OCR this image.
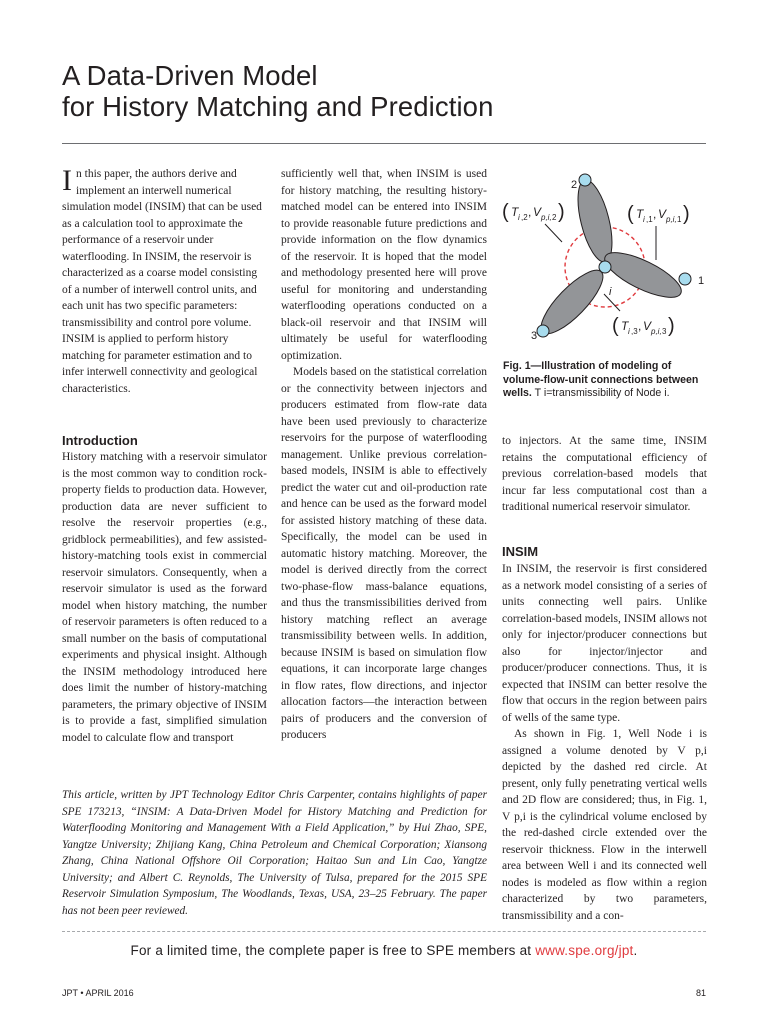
A Data-Driven Model
for History Matching and Prediction

In this paper, the authors derive and implement an interwell numerical simulation model (INSIM) that can be used as a calculation tool to approximate the performance of a reservoir under waterflooding. In INSIM, the reservoir is characterized as a coarse model consisting of a number of interwell control units, and each unit has two specific parameters: transmissibility and control pore volume. INSIM is applied to perform history matching for parameter estimation and to infer interwell connectivity and geological characteristics.

Introduction

History matching with a reservoir simulator is the most common way to condition rock-property fields to production data. However, production data are never sufficient to resolve the reservoir properties (e.g., gridblock permeabilities), and few assisted-history-matching tools exist in commercial reservoir simulators. Consequently, when a reservoir simulator is used as the forward model when history matching, the number of reservoir parameters is often reduced to a small number on the basis of computational experiments and physical insight. Although the INSIM methodology introduced here does limit the number of history-matching parameters, the primary objective of INSIM is to provide a fast, simplified simulation model to calculate flow and transport

sufficiently well that, when INSIM is used for history matching, the resulting history-matched model can be entered into INSIM to provide reasonable future predictions and provide information on the flow dynamics of the reservoir. It is hoped that the model and methodology presented here will prove useful for monitoring and understanding waterflooding operations conducted on a black-oil reservoir and that INSIM will ultimately be useful for waterflooding optimization.

Models based on the statistical correlation or the connectivity between injectors and producers estimated from flow-rate data have been used previously to characterize reservoirs for the purpose of waterflooding management. Unlike previous correlation-based models, INSIM is able to effectively predict the water cut and oil-production rate and hence can be used as the forward model for assisted history matching of these data. Specifically, the model can be used in automatic history matching. Moreover, the model is derived directly from the correct two-phase-flow mass-balance equations, and thus the transmissibilities derived from history matching reflect an average transmissibility between wells. In addition, because INSIM is based on simulation flow equations, it can incorporate large changes in flow rates, flow directions, and injector allocation factors—the interaction between pairs of producers and the conversion of producers

2
1
3
i
( T i ,2 , V p,i, 2 )	( T i ,1 , V p,i, 1 )
( T i ,3 , V p,i, 3 )
Fig. 1—Illustration of modeling of volume-flow-unit connections between wells. T i=transmissibility of Node i.

to injectors. At the same time, INSIM retains the computational efficiency of previous correlation-based models that incur far less computational cost than a traditional numerical reservoir simulator.

INSIM

In INSIM, the reservoir is first considered as a network model consisting of a series of units connecting well pairs. Unlike correlation-based models, INSIM allows not only for injector/producer connections but also for injector/injector and producer/producer connections. Thus, it is expected that INSIM can better resolve the flow that occurs in the region between pairs of wells of the same type.

As shown in Fig. 1, Well Node i is assigned a volume denoted by V p,i depicted by the dashed red circle. At present, only fully penetrating vertical wells and 2D flow are considered; thus, in Fig. 1, V p,i is the cylindrical volume enclosed by the red-dashed circle extended over the reservoir thickness. Flow in the interwell area between Well i and its connected well nodes is modeled as flow within a region characterized by two parameters, transmissibility and a con-

This article, written by JPT Technology Editor Chris Carpenter, contains highlights of paper SPE 173213, “INSIM: A Data-Driven Model for History Matching and Prediction for Waterflooding Monitoring and Management With a Field Application,” by Hui Zhao, SPE, Yangtze University; Zhijiang Kang, China Petroleum and Chemical Corporation; Xiansong Zhang, China National Offshore Oil Corporation; Haitao Sun and Lin Cao, Yangtze University; and Albert C. Reynolds, The University of Tulsa, prepared for the 2015 SPE Reservoir Simulation Symposium, The Woodlands, Texas, USA, 23–25 February. The paper has not been peer reviewed.
For a limited time, the complete paper is free to SPE members at www.spe.org/jpt.
JPT • APRIL 2016	81
